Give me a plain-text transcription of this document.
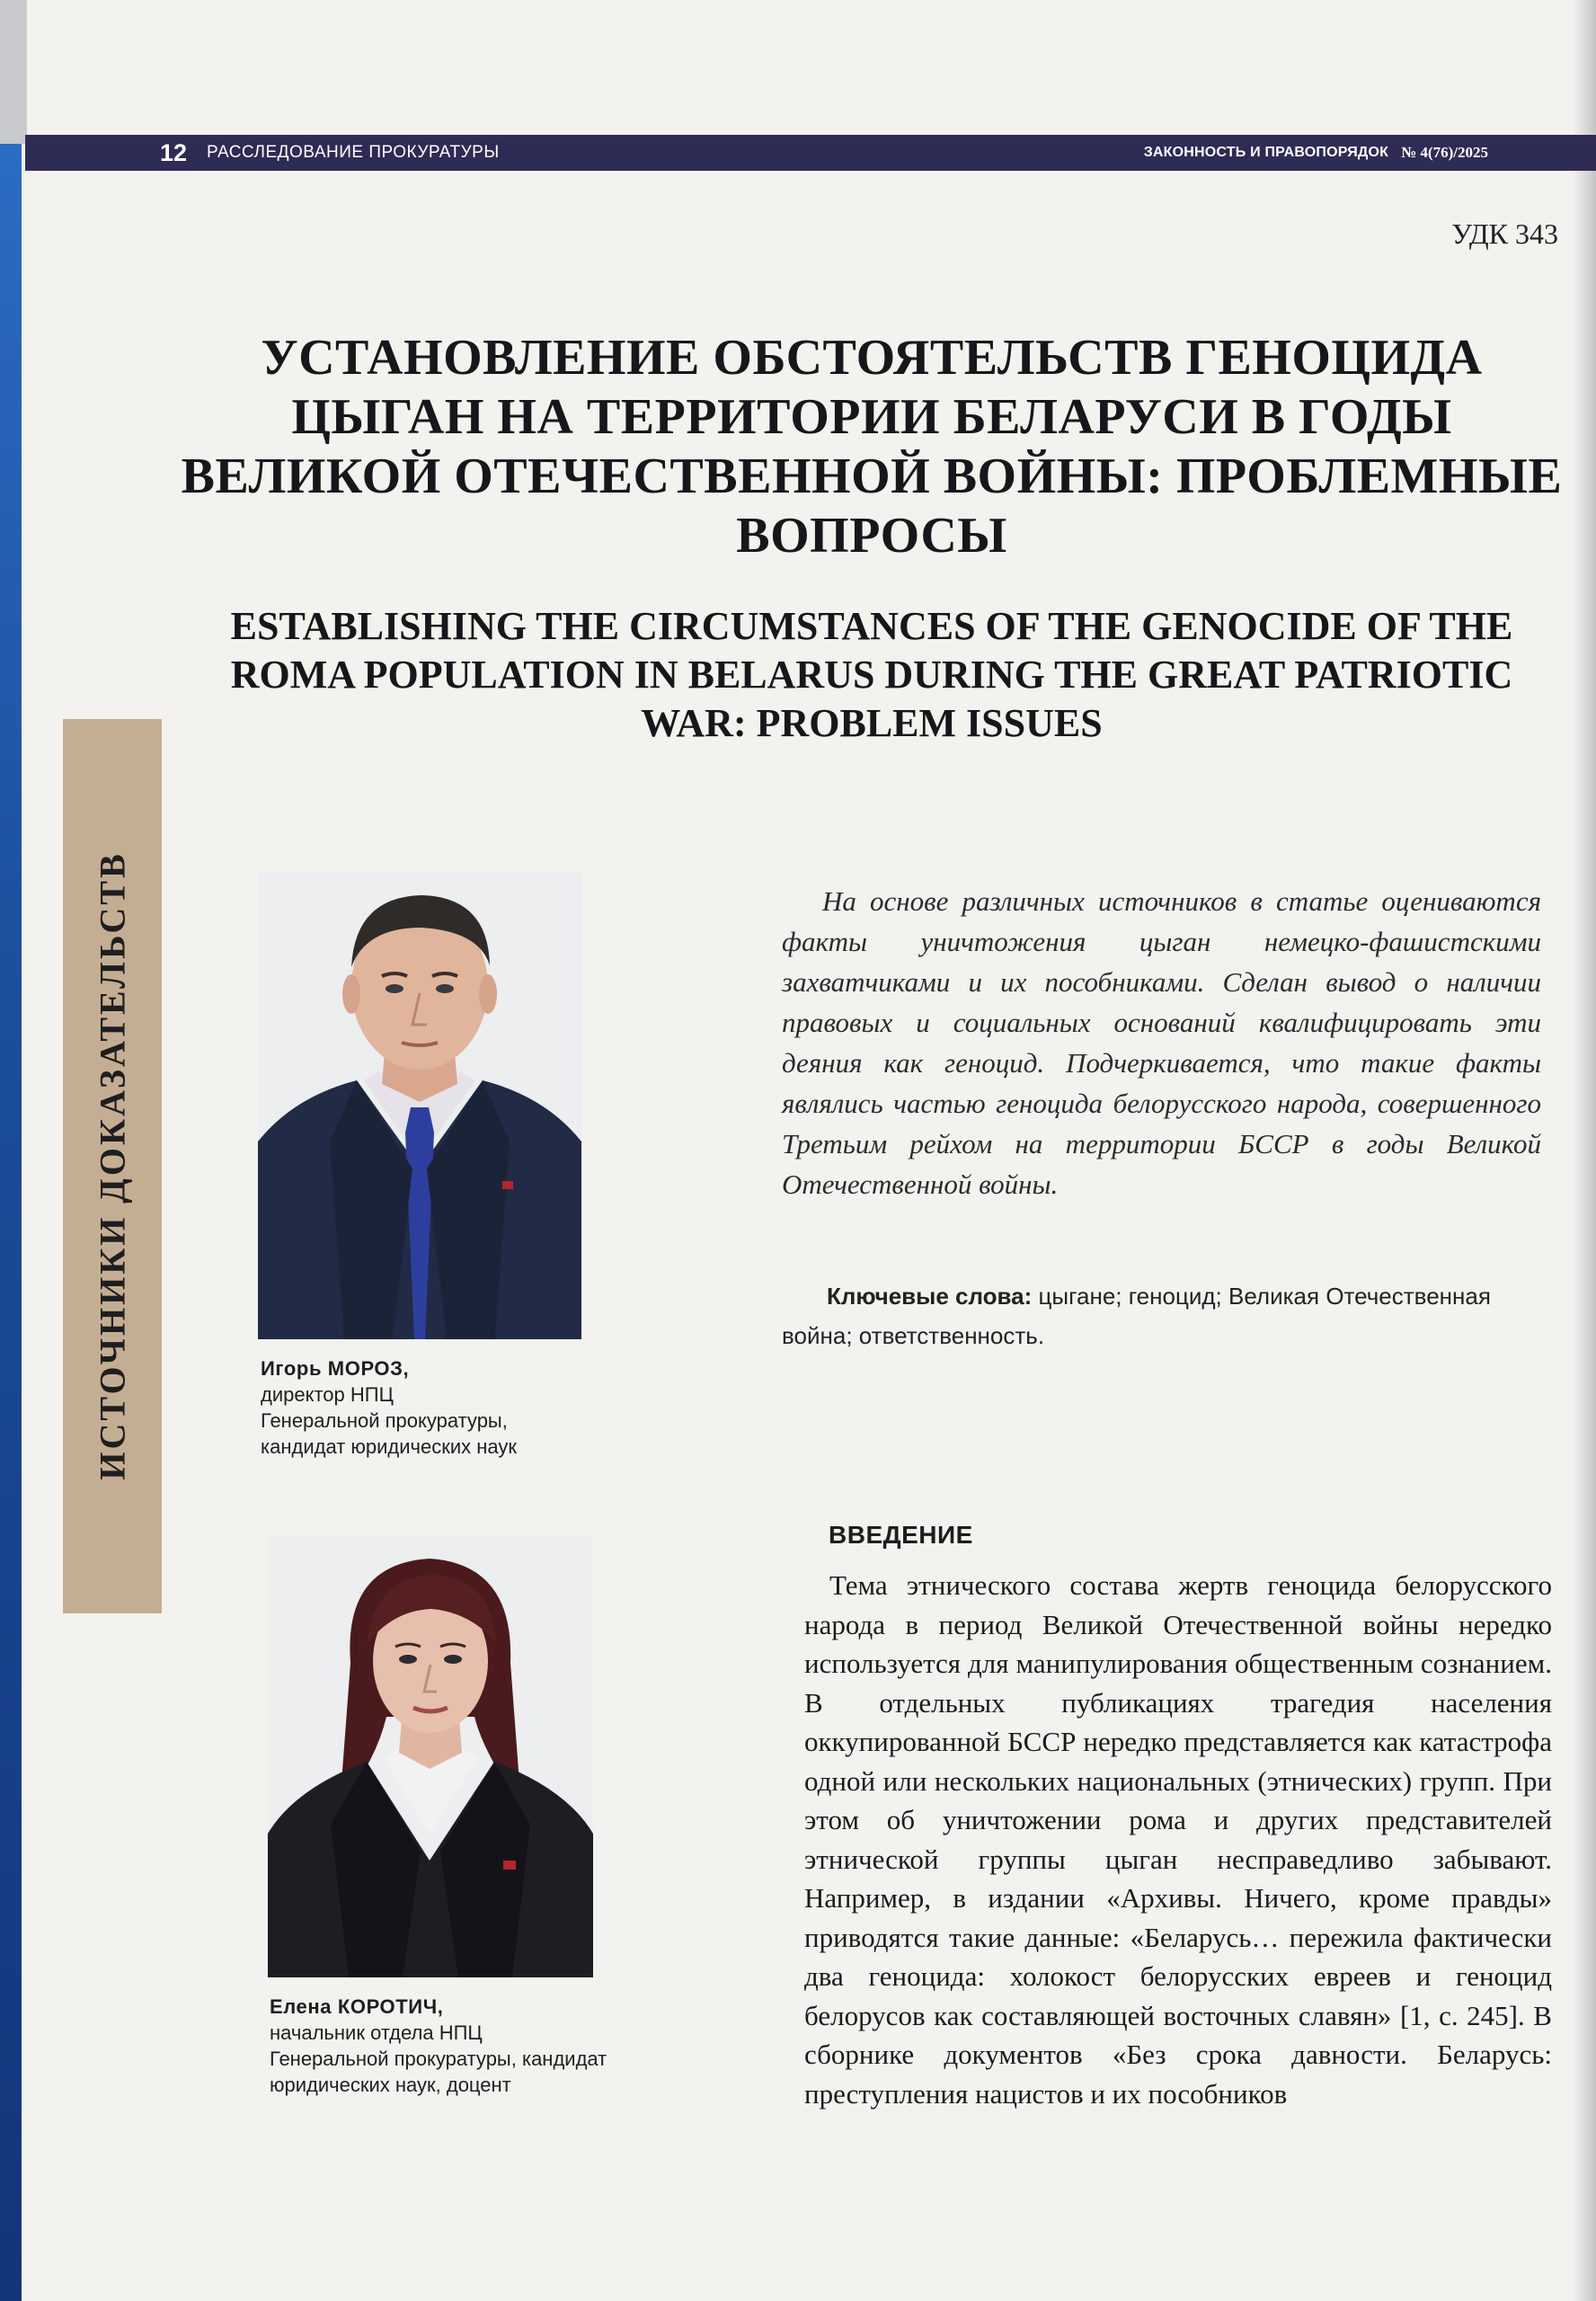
12 РАССЛЕДОВАНИЕ ПРОКУРАТУРЫ	ЗАКОННОСТЬ И ПРАВОПОРЯДОК № 4(76)/2025
УДК 343
УСТАНОВЛЕНИЕ ОБСТОЯТЕЛЬСТВ ГЕНОЦИДА ЦЫГАН НА ТЕРРИТОРИИ БЕЛАРУСИ В ГОДЫ ВЕЛИКОЙ ОТЕЧЕСТВЕННОЙ ВОЙНЫ: ПРОБЛЕМНЫЕ ВОПРОСЫ
ESTABLISHING THE CIRCUMSTANCES OF THE GENOCIDE OF THE ROMA POPULATION IN BELARUS DURING THE GREAT PATRIOTIC WAR: PROBLEM ISSUES
ИСТОЧНИКИ ДОКАЗАТЕЛЬСТВ	Игорь МОРОЗ,
директор НПЦ
Генеральной прокуратуры,
кандидат юридических наук
Елена КОРОТИЧ,
начальник отдела НПЦ
Генеральной прокуратуры, кандидат
юридических наук, доцент

На основе различных источников в статье оцениваются факты уничтожения цыган немецко-фашистскими захватчиками и их пособниками. Сделан вывод о наличии правовых и социальных оснований квалифицировать эти деяния как геноцид. Подчеркивается, что такие факты являлись частью геноцида белорусского народа, совершенного Третьим рейхом на территории БССР в годы Великой Отечественной войны.

Ключевые слова: цыгане; геноцид; Великая Отечественная война; ответственность.

ВВЕДЕНИЕ

Тема этнического состава жертв геноцида белорусского народа в период Великой Отечественной войны нередко используется для манипулирования общественным сознанием. В отдельных публикациях трагедия населения оккупированной БССР нередко представляется как катастрофа одной или нескольких национальных (этнических) групп. При этом об уничтожении рома и других представителей этнической группы цыган несправедливо забывают. Например, в издании «Архивы. Ничего, кроме правды» приводятся такие данные: «Беларусь… пережила фактически два геноцида: холокост белорусских евреев и геноцид белорусов как составляющей восточных славян» [1, с. 245]. В сборнике документов «Без срока давности. Беларусь: преступления нацистов и их пособников
